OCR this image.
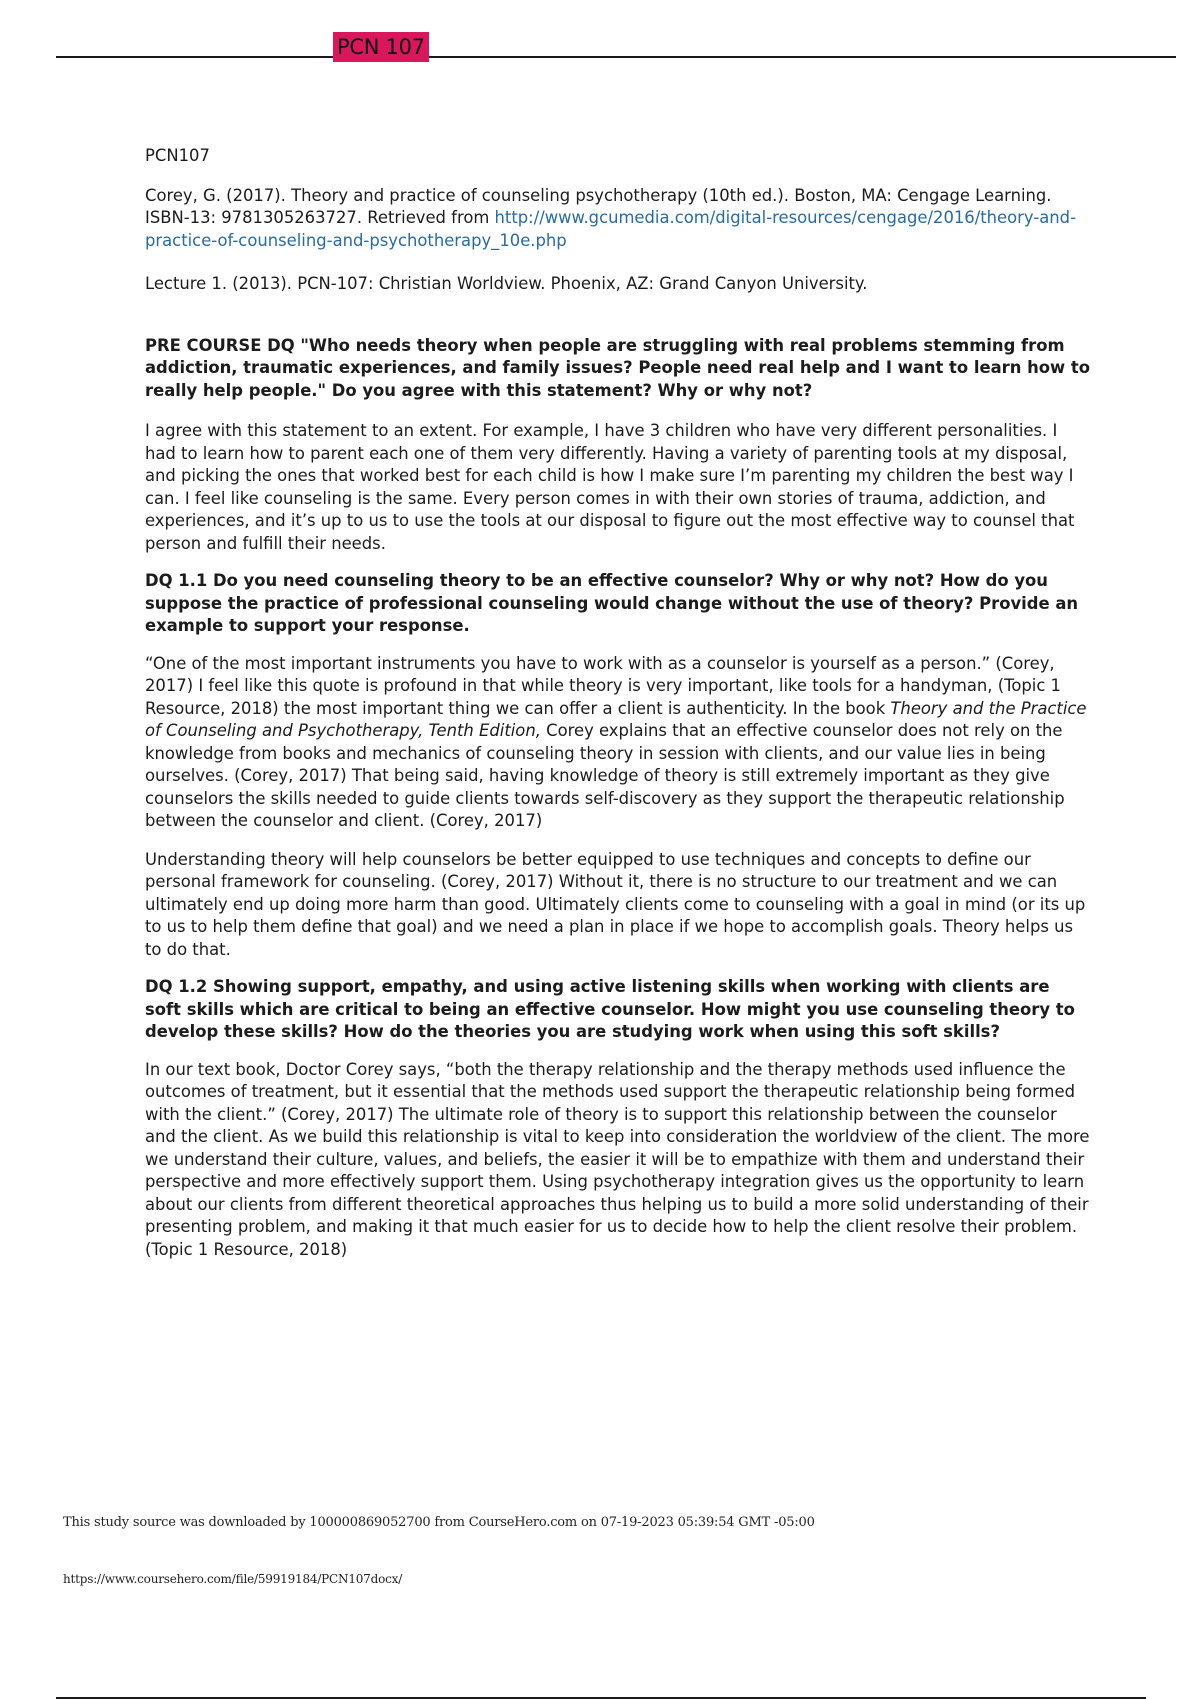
PCN 107

PCN107

Corey, G. (2017). Theory and practice of counseling psychotherapy (10th ed.). Boston, MA: Cengage Learning. ISBN-13: 9781305263727. Retrieved from http://www.gcumedia.com/digital-resources/cengage/2016/theory-and-practice-of-counseling-and-psychotherapy_10e.php

Lecture 1. (2013). PCN-107: Christian Worldview. Phoenix, AZ: Grand Canyon University.

PRE COURSE DQ "Who needs theory when people are struggling with real problems stemming from addiction, traumatic experiences, and family issues? People need real help and I want to learn how to really help people." Do you agree with this statement? Why or why not?

I agree with this statement to an extent. For example, I have 3 children who have very different personalities. I had to learn how to parent each one of them very differently. Having a variety of parenting tools at my disposal, and picking the ones that worked best for each child is how I make sure I’m parenting my children the best way I can. I feel like counseling is the same. Every person comes in with their own stories of trauma, addiction, and experiences, and it’s up to us to use the tools at our disposal to figure out the most effective way to counsel that person and fulfill their needs.

DQ 1.1 Do you need counseling theory to be an effective counselor? Why or why not? How do you suppose the practice of professional counseling would change without the use of theory? Provide an example to support your response.

“One of the most important instruments you have to work with as a counselor is yourself as a person.” (Corey, 2017) I feel like this quote is profound in that while theory is very important, like tools for a handyman, (Topic 1 Resource, 2018) the most important thing we can offer a client is authenticity. In the book Theory and the Practice of Counseling and Psychotherapy, Tenth Edition, Corey explains that an effective counselor does not rely on the knowledge from books and mechanics of counseling theory in session with clients, and our value lies in being ourselves. (Corey, 2017) That being said, having knowledge of theory is still extremely important as they give counselors the skills needed to guide clients towards self-discovery as they support the therapeutic relationship between the counselor and client. (Corey, 2017)

Understanding theory will help counselors be better equipped to use techniques and concepts to define our personal framework for counseling. (Corey, 2017) Without it, there is no structure to our treatment and we can ultimately end up doing more harm than good. Ultimately clients come to counseling with a goal in mind (or its up to us to help them define that goal) and we need a plan in place if we hope to accomplish goals. Theory helps us to do that.

DQ 1.2 Showing support, empathy, and using active listening skills when working with clients are soft skills which are critical to being an effective counselor. How might you use counseling theory to develop these skills? How do the theories you are studying work when using this soft skills?

In our text book, Doctor Corey says, “both the therapy relationship and the therapy methods used influence the outcomes of treatment, but it essential that the methods used support the therapeutic relationship being formed with the client.” (Corey, 2017) The ultimate role of theory is to support this relationship between the counselor and the client. As we build this relationship is vital to keep into consideration the worldview of the client. The more we understand their culture, values, and beliefs, the easier it will be to empathize with them and understand their perspective and more effectively support them. Using psychotherapy integration gives us the opportunity to learn about our clients from different theoretical approaches thus helping us to build a more solid understanding of their presenting problem, and making it that much easier for us to decide how to help the client resolve their problem. (Topic 1 Resource, 2018)

This study source was downloaded by 100000869052700 from CourseHero.com on 07-19-2023 05:39:54 GMT -05:00
https://www.coursehero.com/file/59919184/PCN107docx/
